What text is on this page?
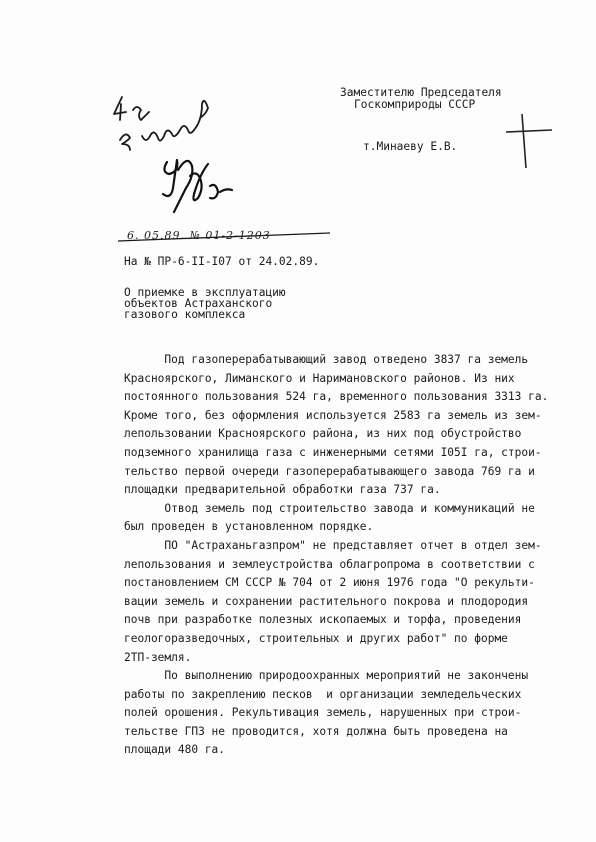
Заместителю Председателя
Госкомприроды СССР
т.Минаеву Е.В.
6. 05.89. № 01-2-1203
На № ПР-6-II-I07 от 24.02.89.
О приемке в эксплуатацию
объектов Астраханского
газового комплекса
Под газоперерабатывающий завод отведено 3837 га земель
Красноярского, Лиманского и Наримановского районов. Из них
постоянного пользования 524 га, временного пользования 3313 га.
Кроме того, без оформления используется 2583 га земель из зем-
лепользовании Красноярского района, из них под обустройство
подземного хранилища газа с инженерными сетями I05I га, строи-
тельство первой очереди газоперерабатывающего завода 769 га и
площадки предварительной обработки газа 737 га.
Отвод земель под строительство завода и коммуникаций не
был проведен в установленном порядке.
ПО "Астраханьгазпром" не представляет отчет в отдел зем-
лепользования и землеустройства облагропрома в соответствии с
постановлением СМ СССР № 704 от 2 июня 1976 года "О рекульти-
вации земель и сохранении растительного покрова и плодородия
почв при разработке полезных ископаемых и торфа, проведения
геологоразведочных, строительных и других работ" по форме
2ТП-земля.
По выполнению природоохранных мероприятий не закончены
работы по закреплению песков  и организации земледельческих
полей орошения. Рекультивация земель, нарушенных при строи-
тельстве ГПЗ не проводится, хотя должна быть проведена на
площади 480 га.
